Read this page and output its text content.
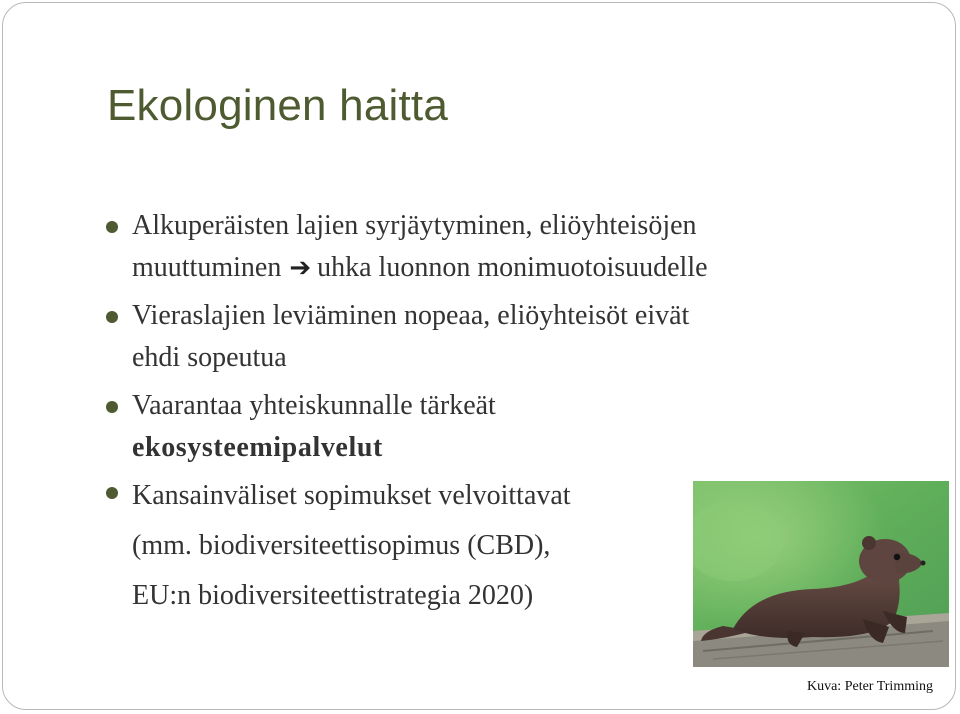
Ekologinen haitta
Alkuperäisten lajien syrjäytyminen, eliöyhteisöjen
muuttuminen ➔ uhka luonnon monimuotoisuudelle
Vieraslajien leviäminen nopeaa, eliöyhteisöt eivät
ehdi sopeutua
Vaarantaa yhteiskunnalle tärkeät
ekosysteemipalvelut
Kansainväliset sopimukset velvoittavat
(mm. biodiversiteettisopimus (CBD),
EU:n biodiversiteettistrategia 2020)
Kuva: Peter Trimming
